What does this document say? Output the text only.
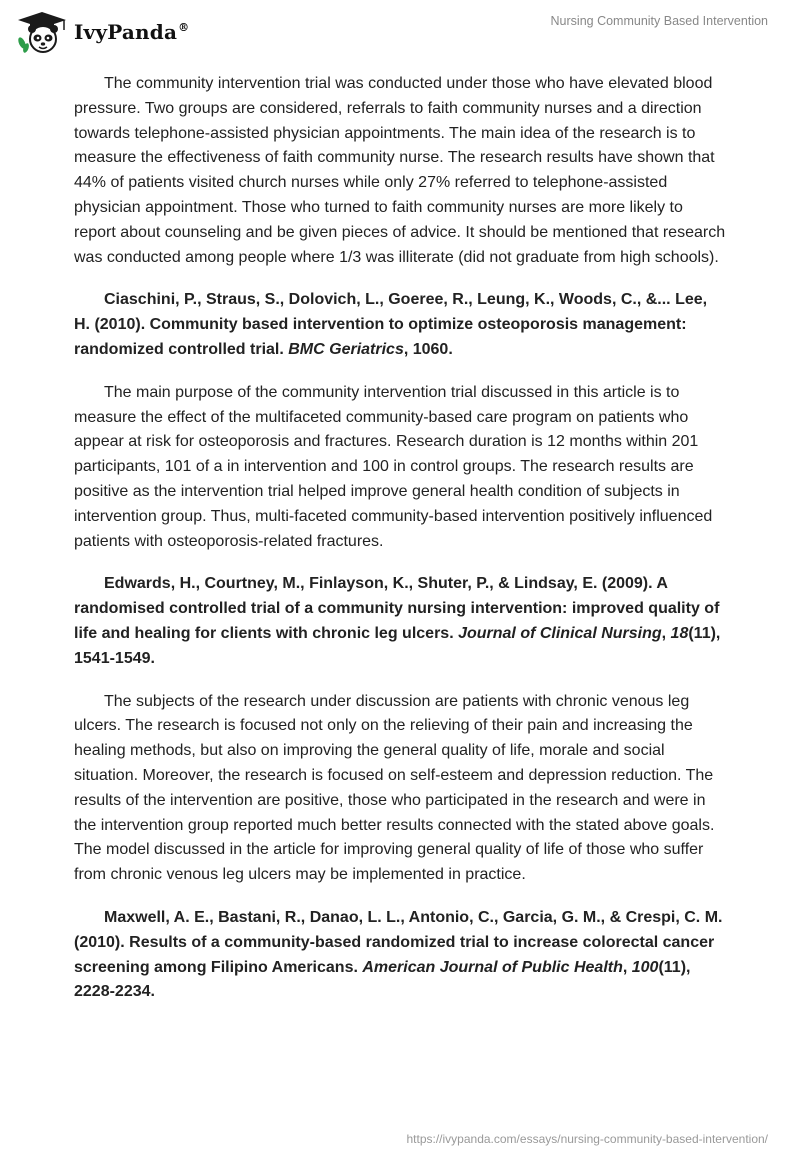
IvyPanda®	Nursing Community Based Intervention

The community intervention trial was conducted under those who have elevated blood pressure. Two groups are considered, referrals to faith community nurses and a direction towards telephone-assisted physician appointments. The main idea of the research is to measure the effectiveness of faith community nurse. The research results have shown that 44% of patients visited church nurses while only 27% referred to telephone-assisted physician appointment. Those who turned to faith community nurses are more likely to report about counseling and be given pieces of advice. It should be mentioned that research was conducted among people where 1/3 was illiterate (did not graduate from high schools).

Ciaschini, P., Straus, S., Dolovich, L., Goeree, R., Leung, K., Woods, C., &... Lee, H. (2010). Community based intervention to optimize osteoporosis management: randomized controlled trial. BMC Geriatrics, 1060.

The main purpose of the community intervention trial discussed in this article is to measure the effect of the multifaceted community-based care program on patients who appear at risk for osteoporosis and fractures. Research duration is 12 months within 201 participants, 101 of a in intervention and 100 in control groups. The research results are positive as the intervention trial helped improve general health condition of subjects in intervention group. Thus, multi-faceted community-based intervention positively influenced patients with osteoporosis-related fractures.

Edwards, H., Courtney, M., Finlayson, K., Shuter, P., & Lindsay, E. (2009). A randomised controlled trial of a community nursing intervention: improved quality of life and healing for clients with chronic leg ulcers. Journal of Clinical Nursing, 18(11), 1541-1549.

The subjects of the research under discussion are patients with chronic venous leg ulcers. The research is focused not only on the relieving of their pain and increasing the healing methods, but also on improving the general quality of life, morale and social situation. Moreover, the research is focused on self-esteem and depression reduction. The results of the intervention are positive, those who participated in the research and were in the intervention group reported much better results connected with the stated above goals. The model discussed in the article for improving general quality of life of those who suffer from chronic venous leg ulcers may be implemented in practice.

Maxwell, A. E., Bastani, R., Danao, L. L., Antonio, C., Garcia, G. M., & Crespi, C. M. (2010). Results of a community-based randomized trial to increase colorectal cancer screening among Filipino Americans. American Journal of Public Health, 100(11), 2228-2234.

https://ivypanda.com/essays/nursing-community-based-intervention/
